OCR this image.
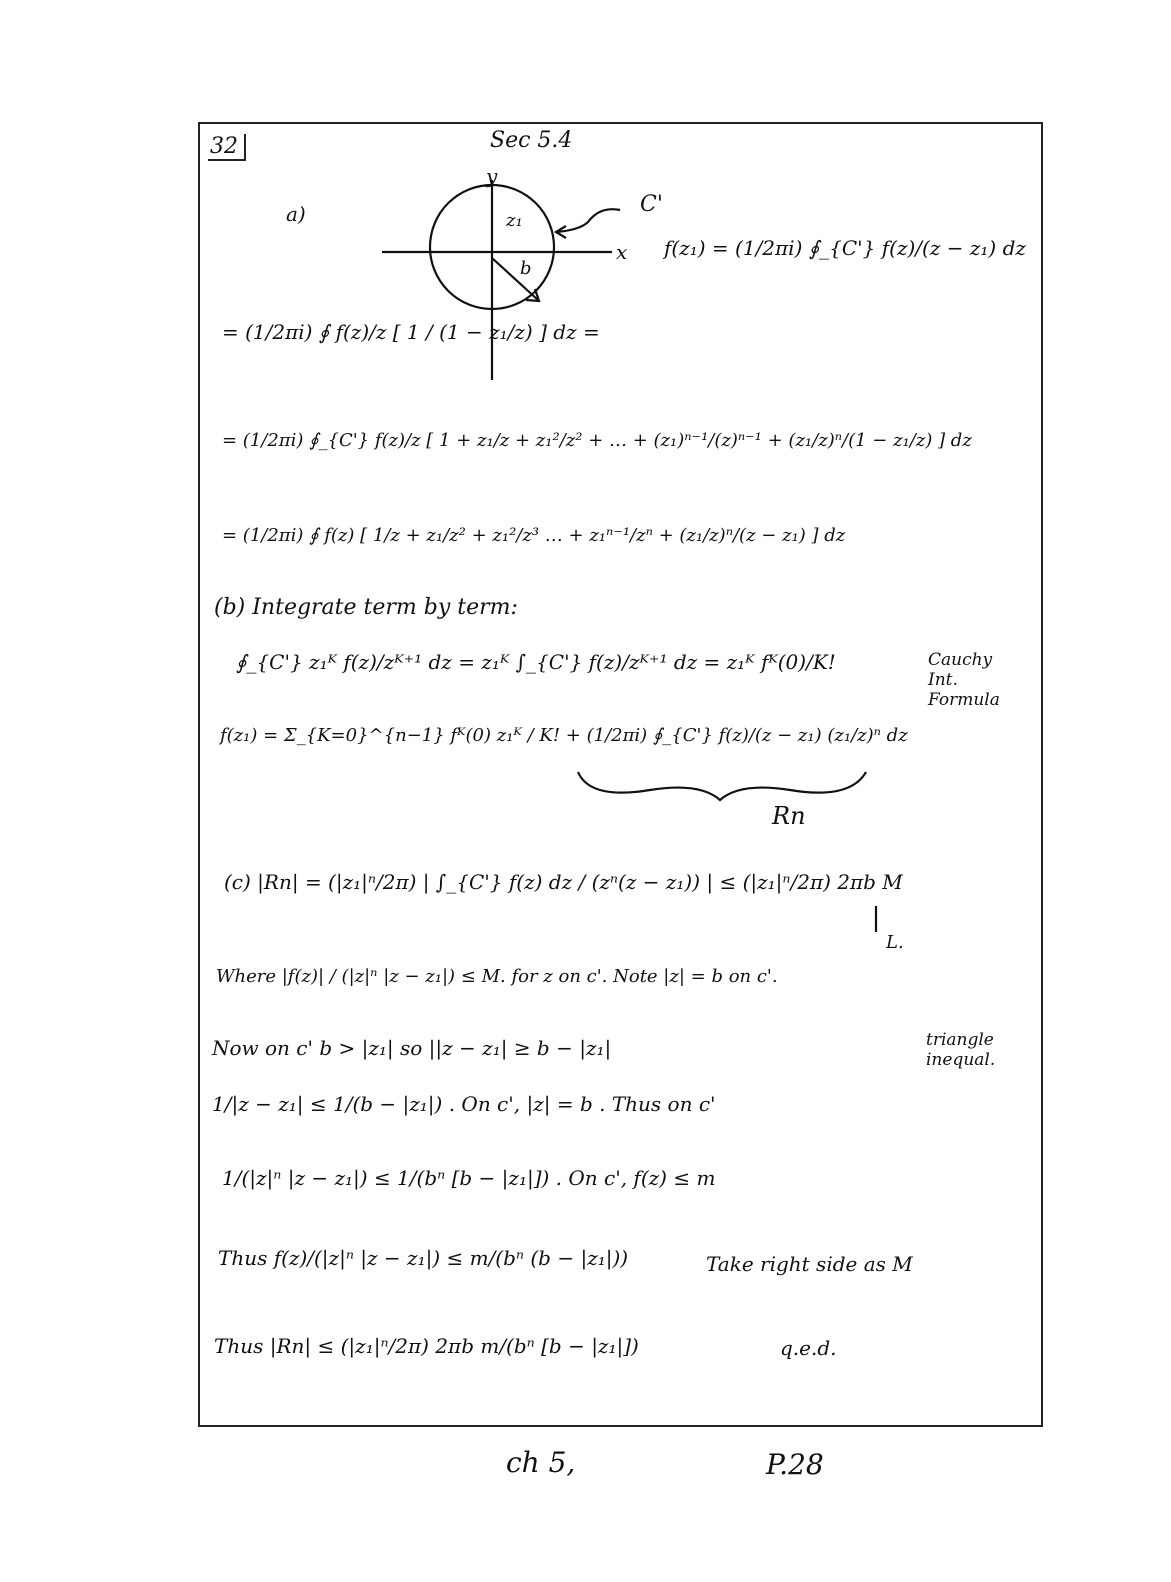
32	Sec 5.4
y
x
z₁
b
C'
a)
f(z₁) = (1/2πi) ∮_{C'} f(z)/(z − z₁) dz
= (1/2πi) ∮ f(z)/z [ 1 / (1 − z₁/z) ] dz =
= (1/2πi) ∮_{C'} f(z)/z [ 1 + z₁/z + z₁²/z² + … + (z₁)ⁿ⁻¹/(z)ⁿ⁻¹ + (z₁/z)ⁿ/(1 − z₁/z) ] dz
= (1/2πi) ∮ f(z) [ 1/z + z₁/z² + z₁²/z³ … + z₁ⁿ⁻¹/zⁿ + (z₁/z)ⁿ/(z − z₁) ] dz
(b) Integrate term by term:
∮_{C'} z₁ᴷ f(z)/zᴷ⁺¹ dz = z₁ᴷ ∫_{C'} f(z)/zᴷ⁺¹ dz = z₁ᴷ fᴷ(0)/K!	Cauchy Int. Formula
f(z₁) = Σ_{K=0}^{n−1} fᴷ(0) z₁ᴷ / K! + (1/2πi) ∮_{C'} f(z)/(z − z₁) (z₁/z)ⁿ dz
Rn
(c) |Rn| = (|z₁|ⁿ/2π) | ∫_{C'} f(z) dz / (zⁿ(z − z₁)) | ≤ (|z₁|ⁿ/2π) 2πb M
L.
Where |f(z)| / (|z|ⁿ |z − z₁|) ≤ M. for z on c'. Note |z| = b on c'.
Now on c' b > |z₁| so ||z − z₁| ≥ b − |z₁|	triangle inequal.
1/|z − z₁| ≤ 1/(b − |z₁|) . On c', |z| = b . Thus on c'
1/(|z|ⁿ |z − z₁|) ≤ 1/(bⁿ [b − |z₁|]) . On c', f(z) ≤ m
Thus f(z)/(|z|ⁿ |z − z₁|) ≤ m/(bⁿ (b − |z₁|))	Take right side as M
Thus |Rn| ≤ (|z₁|ⁿ/2π) 2πb m/(bⁿ [b − |z₁|])	q.e.d.
ch 5,	P.28
